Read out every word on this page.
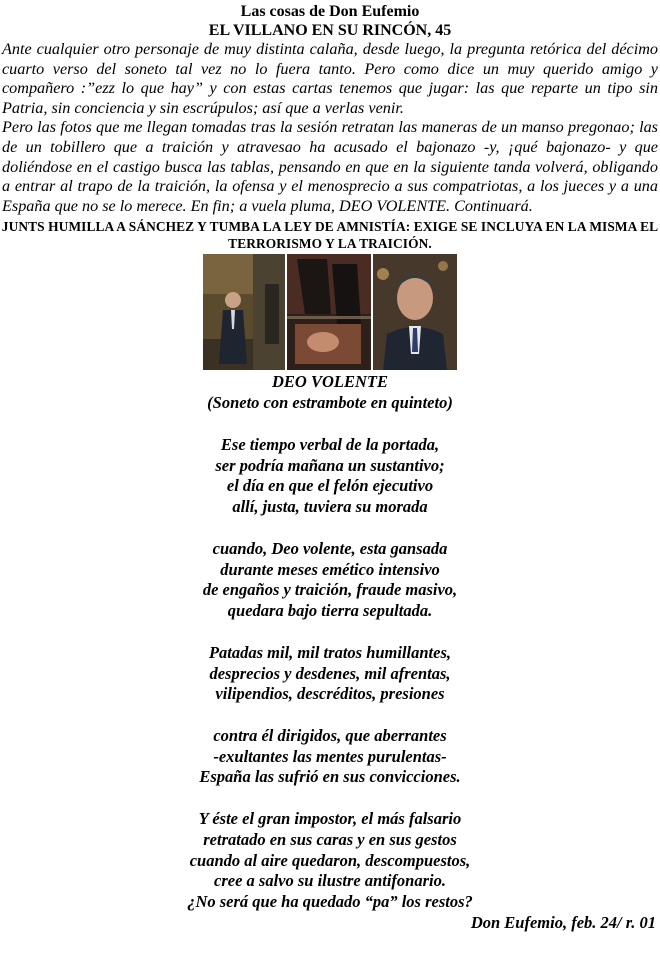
Las cosas de Don Eufemio
EL VILLANO EN SU RINCÓN, 45

Ante cualquier otro personaje de muy distinta calaña, desde luego, la pregunta retórica del décimo cuarto verso del soneto tal vez no lo fuera tanto. Pero como dice un muy querido amigo y compañero :”ezz lo que hay” y con estas cartas tenemos que jugar: las que reparte un tipo sin Patria, sin conciencia y sin escrúpulos; así que a verlas venir.

Pero las fotos que me llegan tomadas tras la sesión retratan las maneras de un manso pregonao; las de un tobillero que a traición y atravesao ha acusado el bajonazo -y, ¡qué bajonazo- y que doliéndose en el castigo busca las tablas, pensando en que en la siguiente tanda volverá, obligando a entrar al trapo de la traición, la ofensa y el menosprecio a sus compatriotas, a los jueces y a una España que no se lo merece. En fin; a vuela pluma, DEO VOLENTE. Continuará.

JUNTS HUMILLA A SÁNCHEZ Y TUMBA LA LEY DE AMNISTÍA: EXIGE SE INCLUYA EN LA MISMA EL TERRORISMO Y LA TRAICIÓN.
DEO VOLENTE
(Soneto con estrambote en quinteto)
Ese tiempo verbal de la portada,
ser podría mañana un sustantivo;
el día en que el felón ejecutivo
allí, justa, tuviera su morada
cuando, Deo volente, esta gansada
durante meses emético intensivo
de engaños y traición, fraude masivo,
quedara bajo tierra sepultada.
Patadas mil, mil tratos humillantes,
desprecios y desdenes, mil afrentas,
vilipendios, descréditos, presiones
contra él dirigidos, que aberrantes
-exultantes las mentes purulentas-
España las sufrió en sus convicciones.
Y éste el gran impostor, el más falsario
retratado en sus caras y en sus gestos
cuando al aire quedaron, descompuestos,
cree a salvo su ilustre antifonario.
¿No será que ha quedado “pa” los restos?
Don Eufemio, feb. 24/ r. 01
